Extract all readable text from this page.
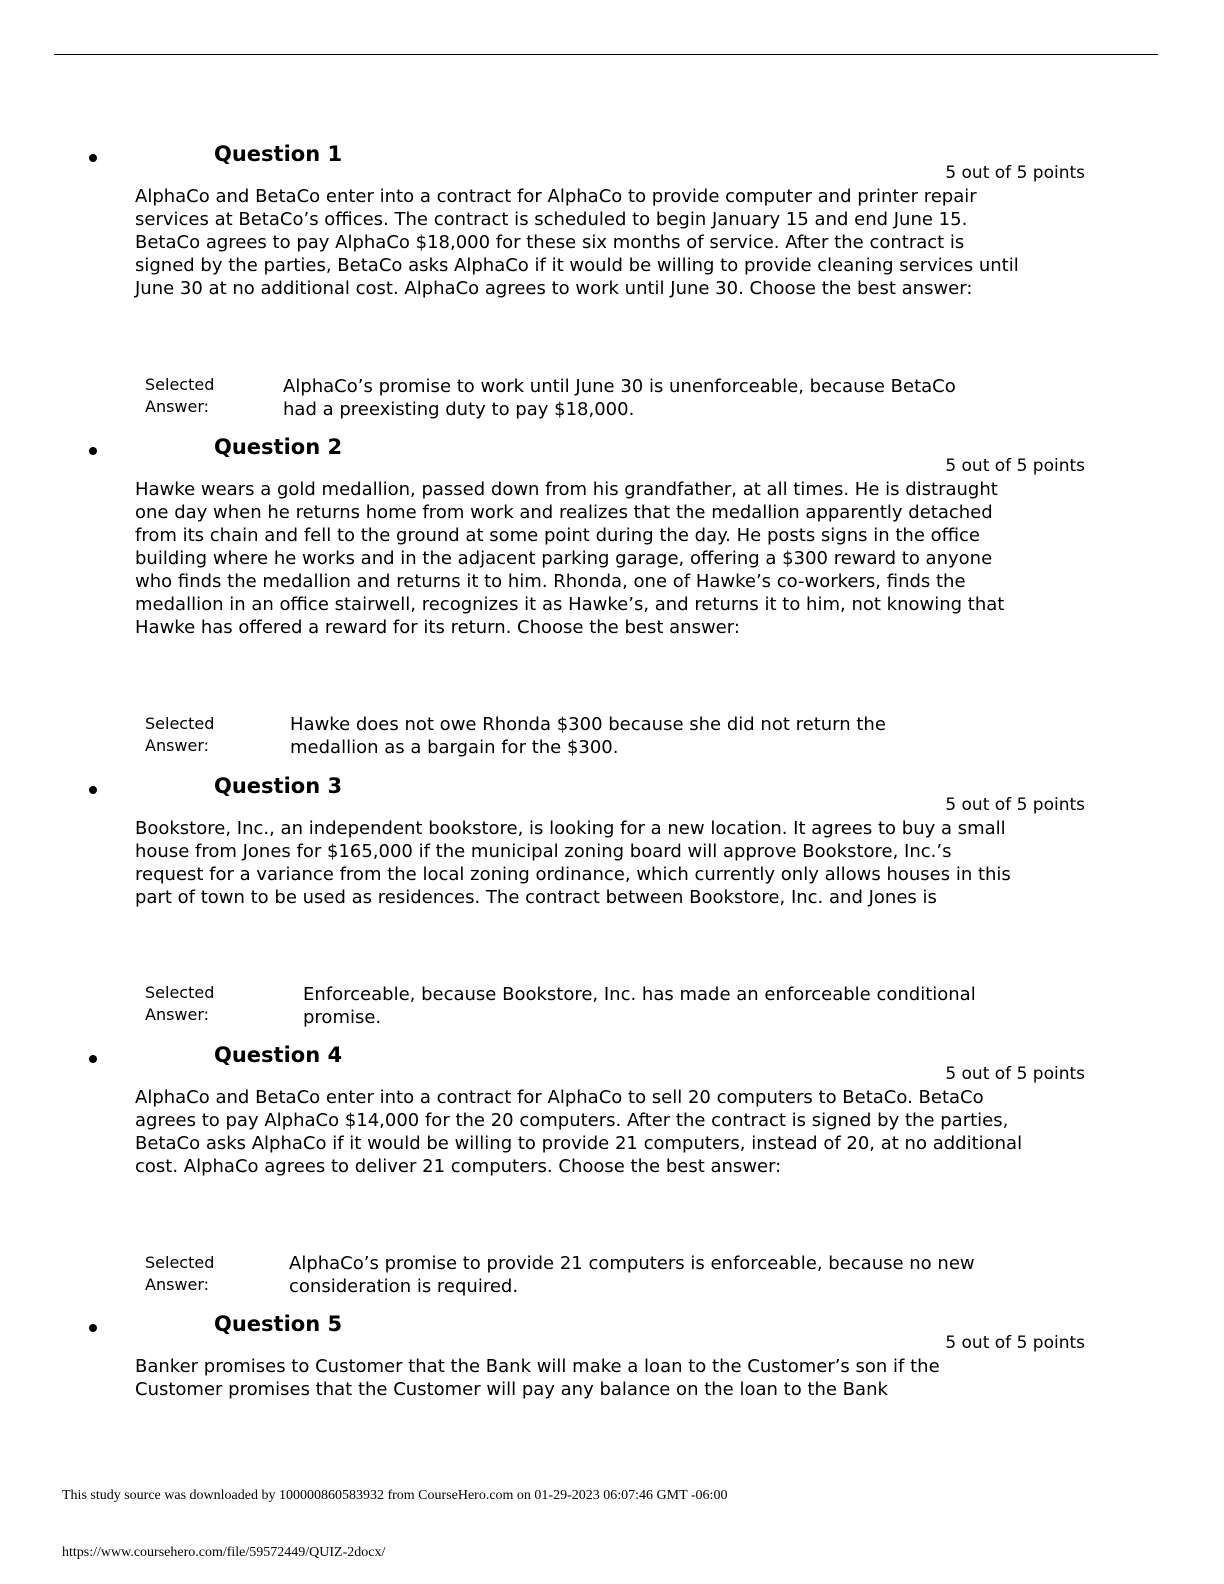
Question 1
5 out of 5 points
AlphaCo and BetaCo enter into a contract for AlphaCo to provide computer and printer repair services at BetaCo’s offices. The contract is scheduled to begin January 15 and end June 15. BetaCo agrees to pay AlphaCo $18,000 for these six months of service. After the contract is signed by the parties, BetaCo asks AlphaCo if it would be willing to provide cleaning services until June 30 at no additional cost. AlphaCo agrees to work until June 30. Choose the best answer:
Selected Answer:
AlphaCo’s promise to work until June 30 is unenforceable, because BetaCo had a preexisting duty to pay $18,000.
Question 2
5 out of 5 points
Hawke wears a gold medallion, passed down from his grandfather, at all times. He is distraught one day when he returns home from work and realizes that the medallion apparently detached from its chain and fell to the ground at some point during the day. He posts signs in the office building where he works and in the adjacent parking garage, offering a $300 reward to anyone who finds the medallion and returns it to him. Rhonda, one of Hawke’s co-workers, finds the medallion in an office stairwell, recognizes it as Hawke’s, and returns it to him, not knowing that Hawke has offered a reward for its return. Choose the best answer:
Selected Answer:
Hawke does not owe Rhonda $300 because she did not return the medallion as a bargain for the $300.
Question 3
5 out of 5 points
Bookstore, Inc., an independent bookstore, is looking for a new location. It agrees to buy a small house from Jones for $165,000 if the municipal zoning board will approve Bookstore, Inc.’s request for a variance from the local zoning ordinance, which currently only allows houses in this part of town to be used as residences. The contract between Bookstore, Inc. and Jones is
Selected Answer:
Enforceable, because Bookstore, Inc. has made an enforceable conditional promise.
Question 4
5 out of 5 points
AlphaCo and BetaCo enter into a contract for AlphaCo to sell 20 computers to BetaCo. BetaCo agrees to pay AlphaCo $14,000 for the 20 computers. After the contract is signed by the parties, BetaCo asks AlphaCo if it would be willing to provide 21 computers, instead of 20, at no additional cost. AlphaCo agrees to deliver 21 computers. Choose the best answer:
Selected Answer:
AlphaCo’s promise to provide 21 computers is enforceable, because no new consideration is required.
Question 5
5 out of 5 points
Banker promises to Customer that the Bank will make a loan to the Customer’s son if the Customer promises that the Customer will pay any balance on the loan to the Bank
This study source was downloaded by 100000860583932 from CourseHero.com on 01-29-2023 06:07:46 GMT -06:00
https://www.coursehero.com/file/59572449/QUIZ-2docx/
